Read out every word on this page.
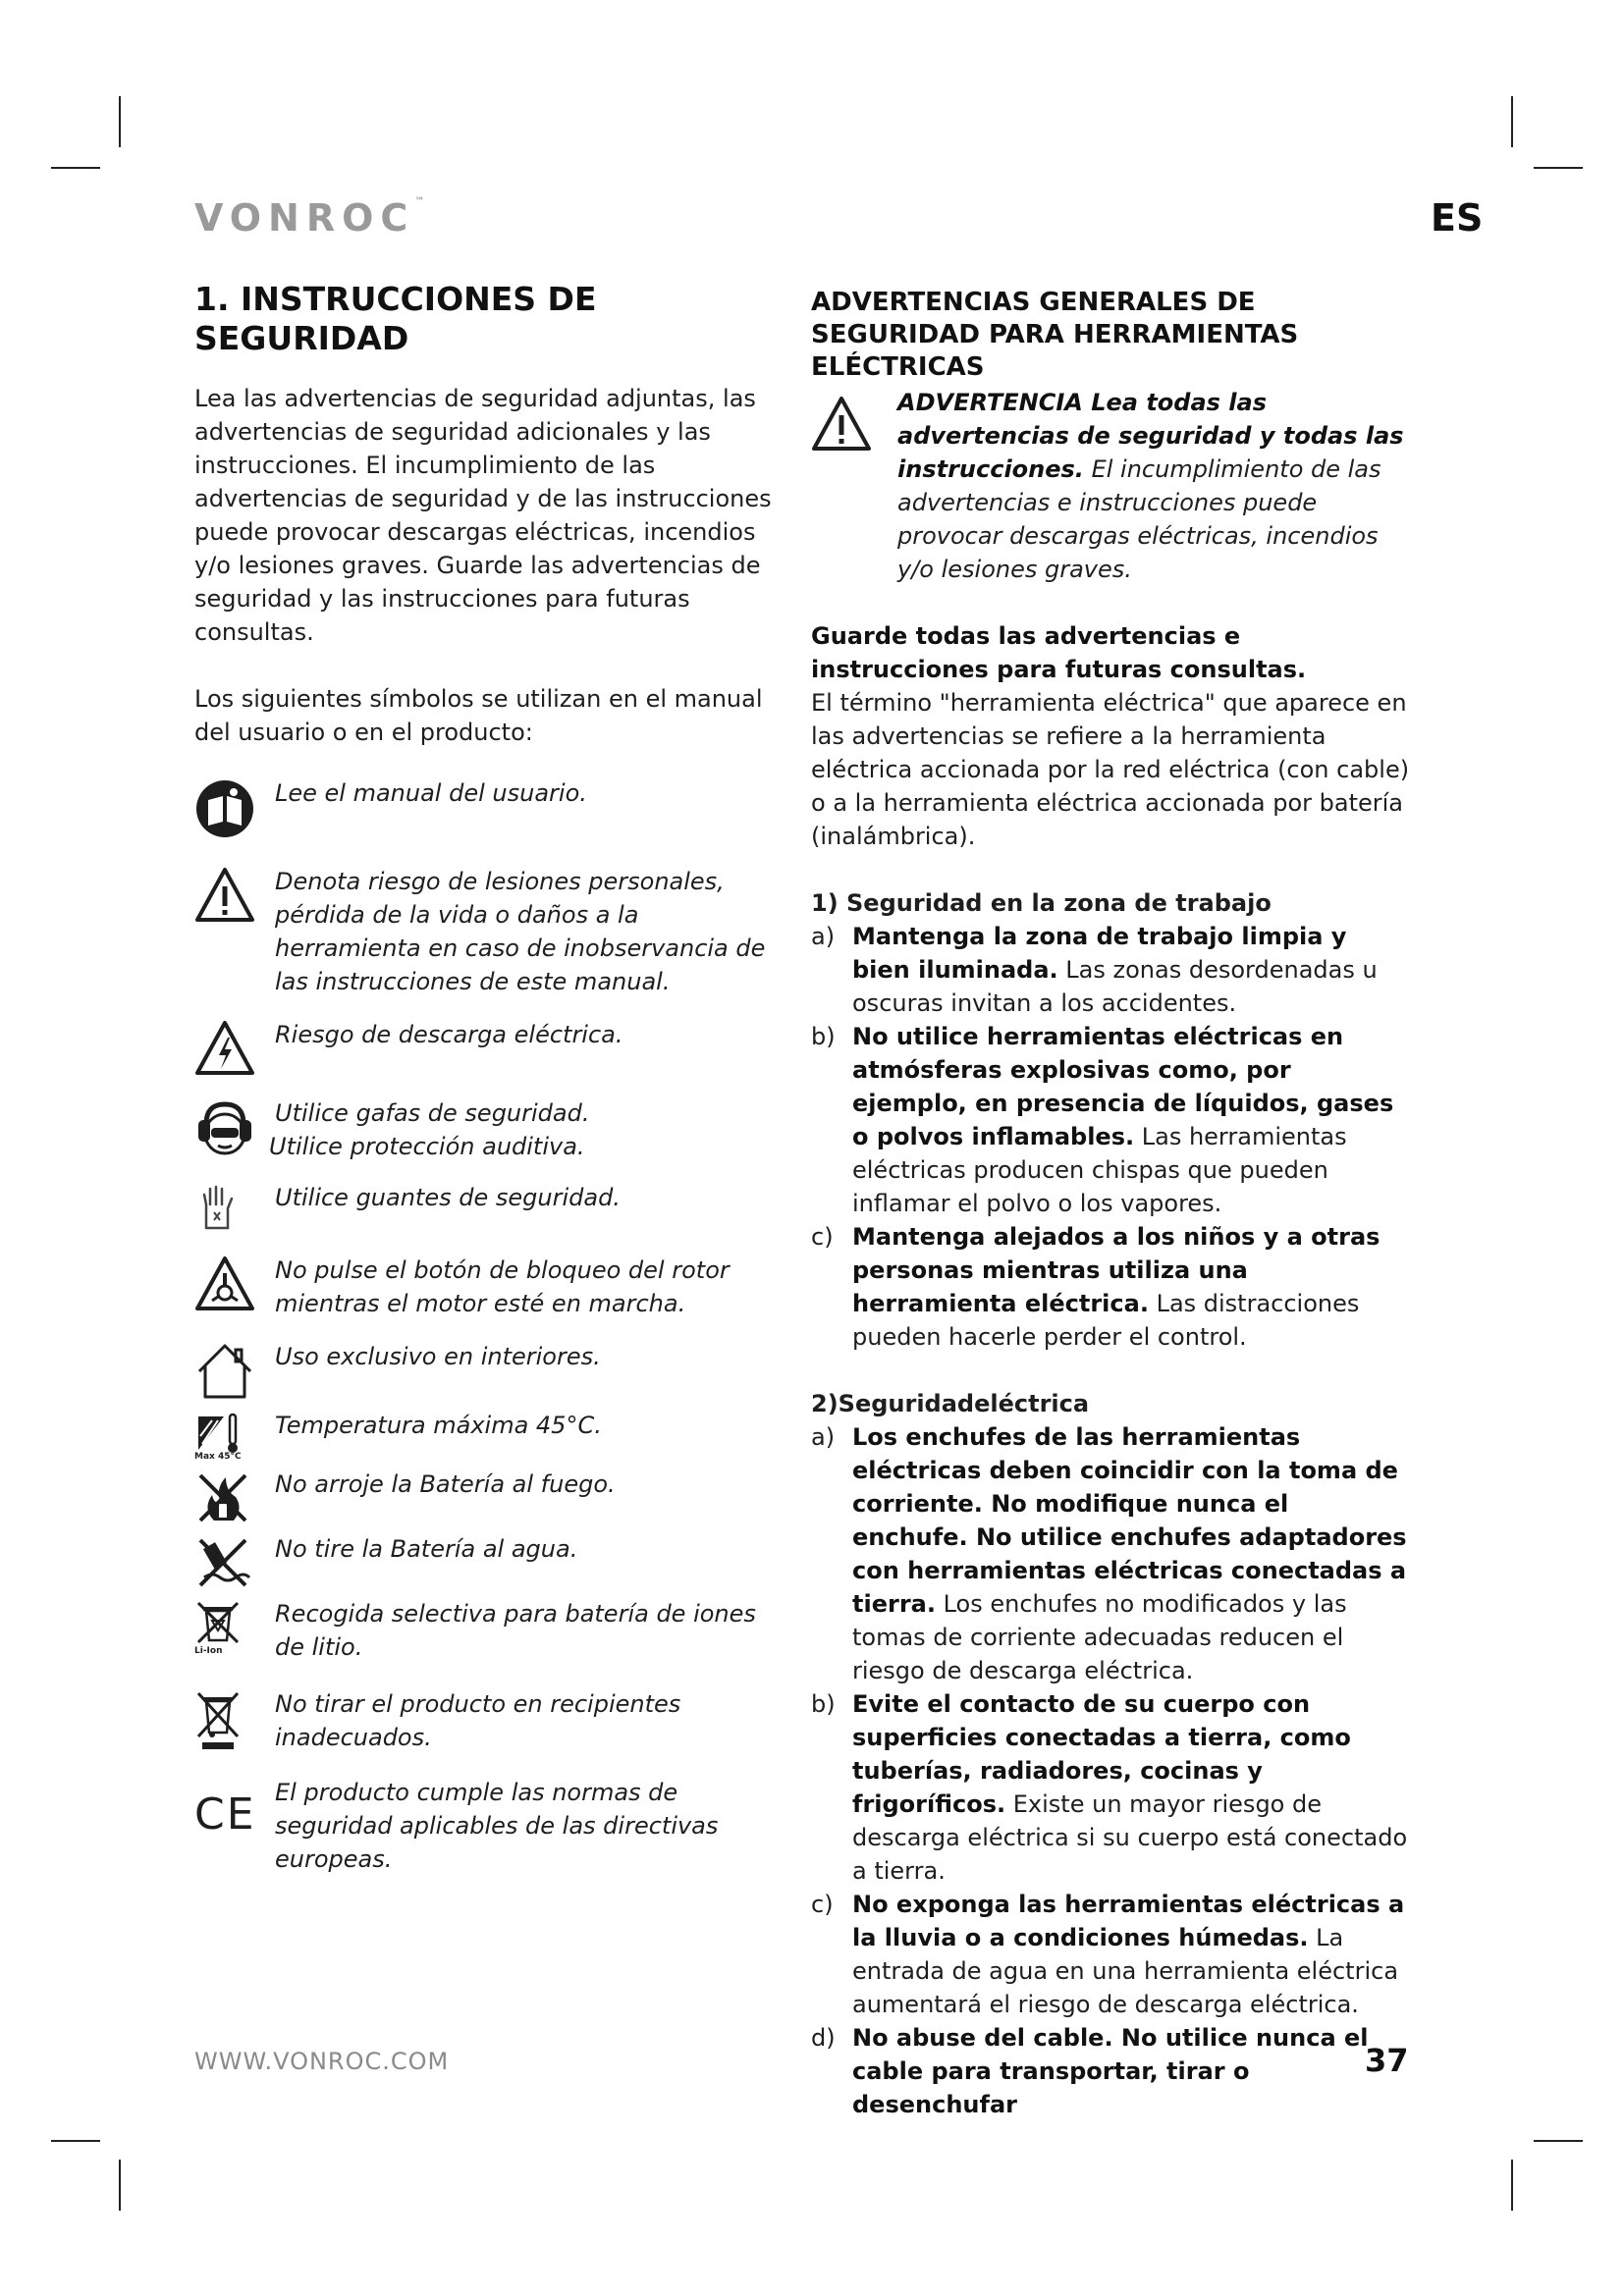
VONROC™	ES
1. INSTRUCCIONES DE SEGURIDAD

Lea las advertencias de seguridad adjuntas, las advertencias de seguridad adicionales y las instrucciones. El incumplimiento de las advertencias de seguridad y de las instrucciones puede provocar descargas eléctricas, incendios y/o lesiones graves. Guarde las advertencias de seguridad y las instrucciones para futuras consultas.

Los siguientes símbolos se utilizan en el manual del usuario o en el producto:

Lee el manual del usuario.
Denota riesgo de lesiones personales, pérdida de la vida o daños a la herramienta en caso de inobservancia de las instrucciones de este manual.
Riesgo de descarga eléctrica.
Utilice gafas de seguridad.
Utilice protección auditiva.
Utilice guantes de seguridad.
No pulse el botón de bloqueo del rotor mientras el motor esté en marcha.
Uso exclusivo en interiores.
Max 45°C
Temperatura máxima 45°C.
No arroje la Batería al fuego.
No tire la Batería al agua.
Li-Ion
Recogida selectiva para batería de iones de litio.
No tirar el producto en recipientes inadecuados.
CE El producto cumple las normas de seguridad aplicables de las directivas europeas.
ADVERTENCIAS GENERALES DE SEGURIDAD PARA HERRAMIENTAS ELÉCTRICAS
ADVERTENCIA Lea todas las advertencias de seguridad y todas las instrucciones. El incumplimiento de las advertencias e instrucciones puede provocar descargas eléctricas, incendios y/o lesiones graves.

Guarde todas las advertencias e instrucciones para futuras consultas.

El término "herramienta eléctrica" que aparece en las advertencias se refiere a la herramienta eléctrica accionada por la red eléctrica (con cable) o a la herramienta eléctrica accionada por batería (inalámbrica).

1) Seguridad en la zona de trabajo
a) Mantenga la zona de trabajo limpia y bien iluminada. Las zonas desordenadas u oscuras invitan a los accidentes.
b) No utilice herramientas eléctricas en atmósferas explosivas como, por ejemplo, en presencia de líquidos, gases o polvos inflamables. Las herramientas eléctricas producen chispas que pueden inflamar el polvo o los vapores.
c) Mantenga alejados a los niños y a otras personas mientras utiliza una herramienta eléctrica. Las distracciones pueden hacerle perder el control.
2)Seguridadeléctrica
a) Los enchufes de las herramientas eléctricas deben coincidir con la toma de corriente. No modifique nunca el enchufe. No utilice enchufes adaptadores con herramientas eléctricas conectadas a tierra. Los enchufes no modificados y las tomas de corriente adecuadas reducen el riesgo de descarga eléctrica.
b) Evite el contacto de su cuerpo con superficies conectadas a tierra, como tuberías, radiadores, cocinas y frigoríficos. Existe un mayor riesgo de descarga eléctrica si su cuerpo está conectado a tierra.
c) No exponga las herramientas eléctricas a la lluvia o a condiciones húmedas. La entrada de agua en una herramienta eléctrica aumentará el riesgo de descarga eléctrica.
d) No abuse del cable. No utilice nunca el cable para transportar, tirar o desenchufar
WWW.VONROC.COM	37
